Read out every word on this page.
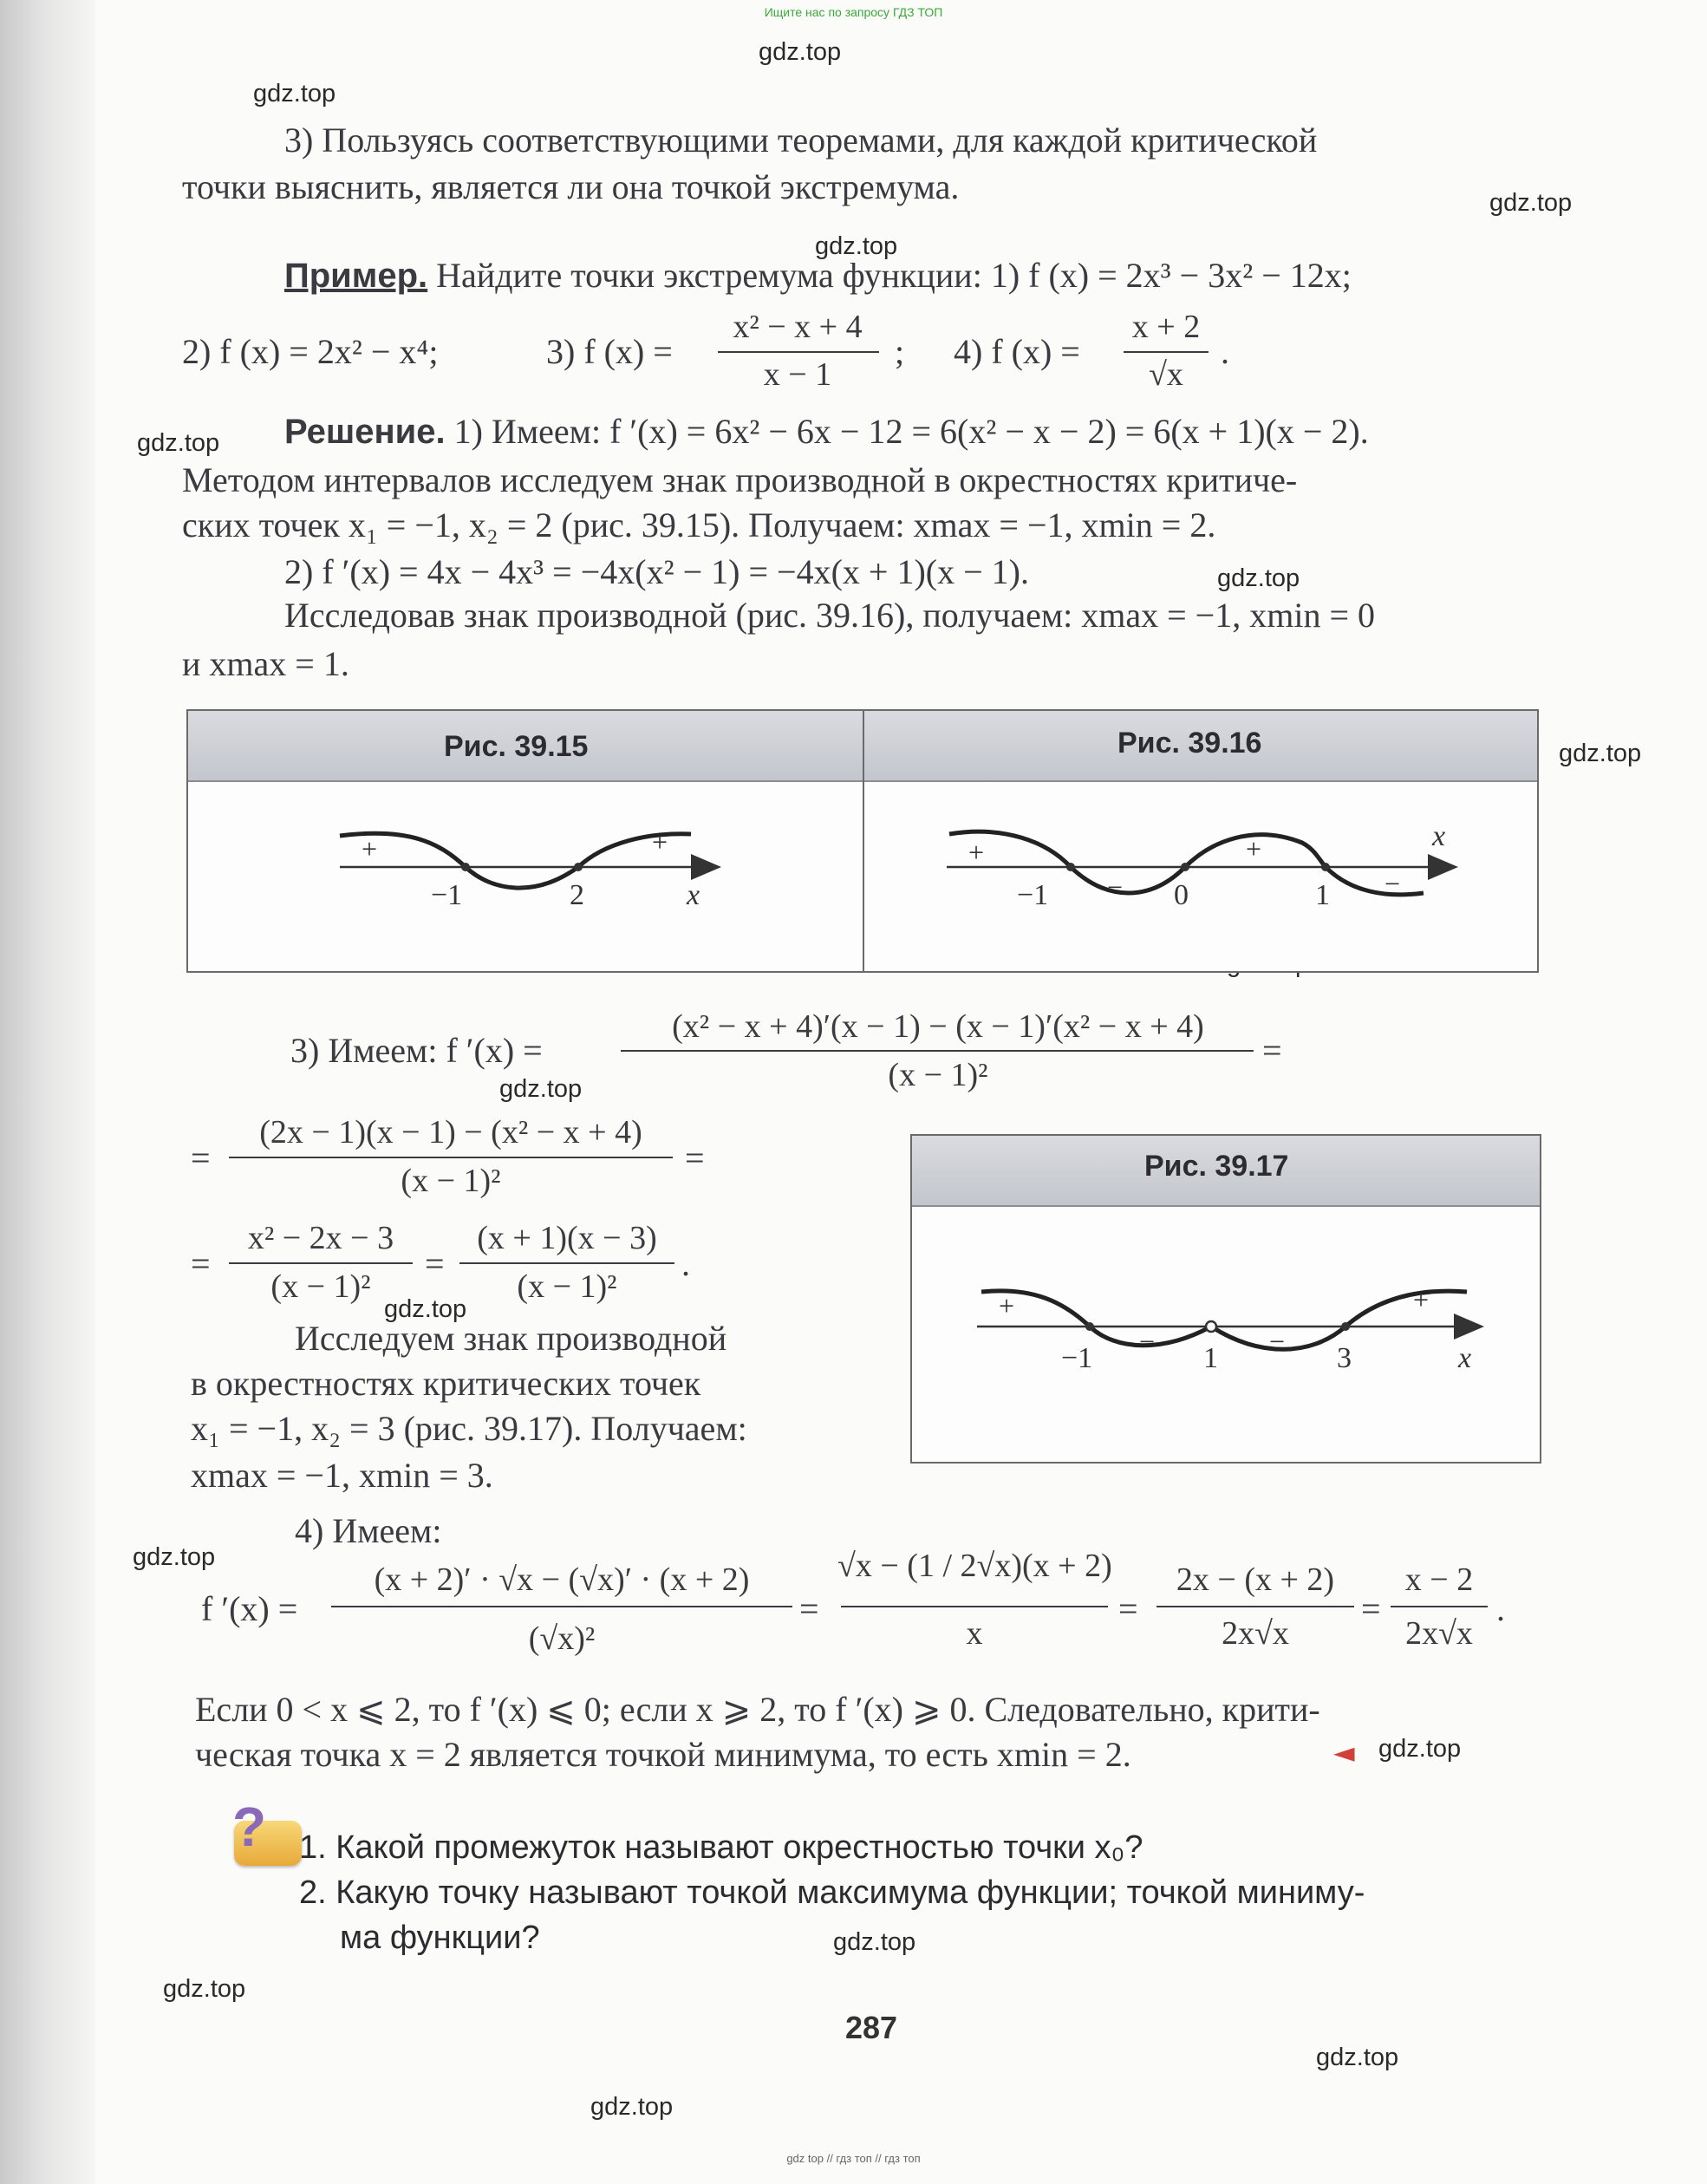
Ищите нас по запросу ГДЗ ТОП
gdz.top
gdz.top
gdz.top
gdz.top
gdz.top
gdz.top
gdz.top
gdz.top
gdz.top
gdz.top
gdz.top
gdz.top
gdz.top
gdz.top
gdz.top
3) Пользуясь соответствующими теоремами, для каждой критической
точки выяснить, является ли она точкой экстремума.
Пример. Найдите точки экстремума функции: 1) f (x) = 2x³ − 3x² − 12x;
2) f (x) = 2x² − x⁴;	3) f (x) =
x² − x + 4
x − 1
; 4) f (x) =
x + 2
√x
.
Решение. 1) Имеем: f ′(x) = 6x² − 6x − 12 = 6(x² − x − 2) = 6(x + 1)(x − 2).
Методом интервалов исследуем знак производной в окрестностях критиче-
ских точек x₁ = −1, x₂ = 2 (рис. 39.15). Получаем: xmax = −1, xmin = 2.
2) f ′(x) = 4x − 4x³ = −4x(x² − 1) = −4x(x + 1)(x − 1).
Исследовав знак производной (рис. 39.16), получаем: xmax = −1, xmin = 0
и xmax = 1.
Рис. 39.15	Рис. 39.16
+
−
+
−1	2	x
+
−
+
−
−1	0	1
x
3) Имеем: f ′(x) =
(x² − x + 4)′(x − 1) − (x − 1)′(x² − x + 4)
(x − 1)²
=
=
(2x − 1)(x − 1) − (x² − x + 4)
(x − 1)²
=
=
x² − 2x − 3
(x − 1)²
=
(x + 1)(x − 3)
(x − 1)²
.
Исследуем знак производной
в окрестностях критических точек
x₁ = −1, x₂ = 3 (рис. 39.17). Получаем:
xmax = −1, xmin = 3.
Рис. 39.17
+
−	−
+
−1	1	3	x
4) Имеем:
f ′(x) =
(x + 2)′ · √x − (√x)′ · (x + 2)
(√x)²
=
√x − (1 / 2√x)(x + 2)
x
=
2x − (x + 2)
2x√x
=
x − 2
2x√x
.
Если 0 < x ⩽ 2, то f ′(x) ⩽ 0; если x ⩾ 2, то f ′(x) ⩾ 0. Следовательно, крити-
ческая точка x = 2 является точкой минимума, то есть xmin = 2.	◄
? 1. Какой промежуток называют окрестностью точки x₀?
2. Какую точку называют точкой максимума функции; точкой миниму-
ма функции?
287
gdz top // гдз топ // гдз топ
